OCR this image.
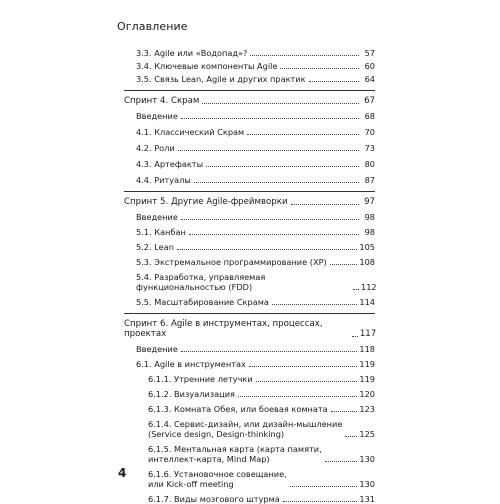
Оглавление
3.3. Agile или «Водопад»?	57
3.4. Ключевые компоненты Agile	60
3.5. Связь Lean, Agile и других практик	64
Спринт 4. Скрам	67
Введение	68
4.1. Классический Скрам	70
4.2. Роли	73
4.3. Артефакты	80
4.4. Ритуалы	87
Спринт 5. Другие Agile-фреймворки	97
Введение	98
5.1. Канбан	98
5.2. Lean	105
5.3. Экстремальное программирование (XP)	108
5.4. Разработка, управляемая функциональностью (FDD)	112
5.5. Масштабирование Скрама	114
Спринт 6. Agile в инструментах, процессах, проектах	117
Введение	118
6.1. Agile в инструментах	119
6.1.1. Утренние летучки	119
6.1.2. Визуализация	120
6.1.3. Комната Обея, или боевая комната	123
6.1.4. Сервис-дизайн, или дизайн-мышление
(Service design, Design-thinking)	125
6.1.5. Ментальная карта (карта памяти,
интеллект-карта, Mind Map)	130
6.1.6. Установочное совещание,
или Kick-off meeting	130
6.1.7. Виды мозгового штурма	131
4
